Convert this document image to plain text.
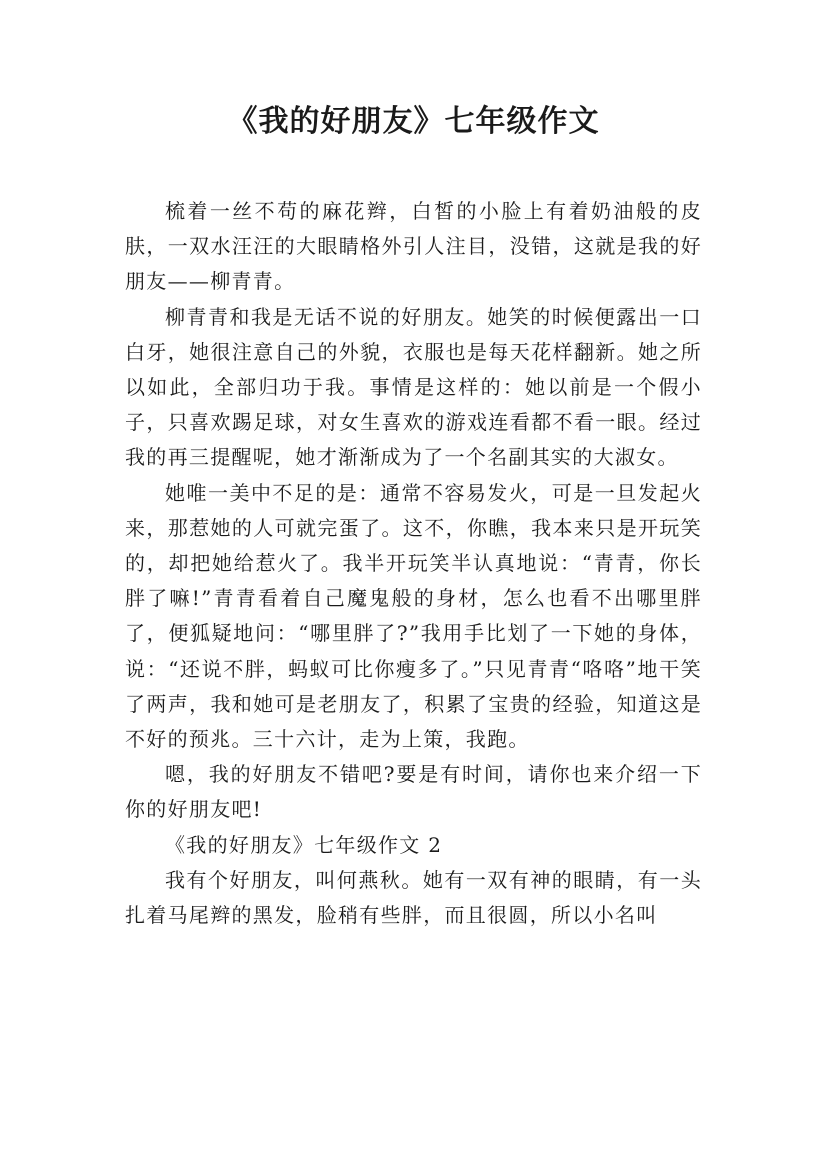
《我的好朋友》七年级作文

梳着一丝不苟的麻花辫，白皙的小脸上有着奶油般的皮肤，一双水汪汪的大眼睛格外引人注目，没错，这就是我的好朋友——柳青青。

柳青青和我是无话不说的好朋友。她笑的时候便露出一口白牙，她很注意自己的外貌，衣服也是每天花样翻新。她之所以如此，全部归功于我。事情是这样的：她以前是一个假小子，只喜欢踢足球，对女生喜欢的游戏连看都不看一眼。经过我的再三提醒呢，她才渐渐成为了一个名副其实的大淑女。

她唯一美中不足的是：通常不容易发火，可是一旦发起火来，那惹她的人可就完蛋了。这不，你瞧，我本来只是开玩笑的，却把她给惹火了。我半开玩笑半认真地说：“青青，你长胖了嘛!”青青看着自己魔鬼般的身材，怎么也看不出哪里胖了，便狐疑地问：“哪里胖了?”我用手比划了一下她的身体，说：“还说不胖，蚂蚁可比你瘦多了。”只见青青“咯咯”地干笑了两声，我和她可是老朋友了，积累了宝贵的经验，知道这是不好的预兆。三十六计，走为上策，我跑。

嗯，我的好朋友不错吧?要是有时间，请你也来介绍一下你的好朋友吧!

《我的好朋友》七年级作文 2

我有个好朋友，叫何燕秋。她有一双有神的眼睛，有一头扎着马尾辫的黑发，脸稍有些胖，而且很圆，所以小名叫
